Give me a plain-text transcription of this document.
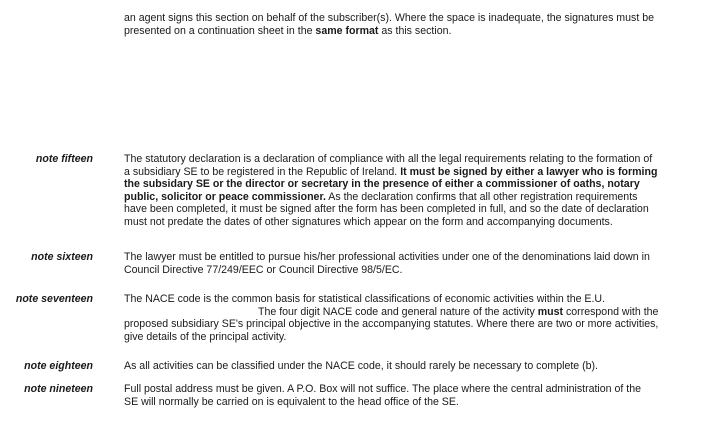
an agent signs this section on behalf of the subscriber(s). Where the space is inadequate, the signatures must be
presented on a continuation sheet in the same format as this section.
note fifteen	The statutory declaration is a declaration of compliance with all the legal requirements relating to the formation of
a subsidiary SE to be registered in the Republic of Ireland. It must be signed by either a lawyer who is forming
the subsidary SE or the director or secretary in the presence of either a commissioner of oaths, notary
public, solicitor or peace commissioner. As the declaration confirms that all other registration requirements
have been completed, it must be signed after the form has been completed in full, and so the date of declaration
must not predate the dates of other signatures which appear on the form and accompanying documents.
note sixteen	The lawyer must be entitled to pursue his/her professional activities under one of the denominations laid down in
Council Directive 77/249/EEC or Council Directive 98/5/EC.
note seventeen	The NACE code is the common basis for statistical classifications of economic activities within the E.U.
The four digit NACE code and general nature of the activity must correspond with the
proposed subsidiary SE's principal objective in the accompanying statutes. Where there are two or more activities,
give details of the principal activity.
note eighteen	As all activities can be classified under the NACE code, it should rarely be necessary to complete (b).
note nineteen	Full postal address must be given. A P.O. Box will not suffice. The place where the central administration of the
SE will normally be carried on is equivalent to the head office of the SE.
